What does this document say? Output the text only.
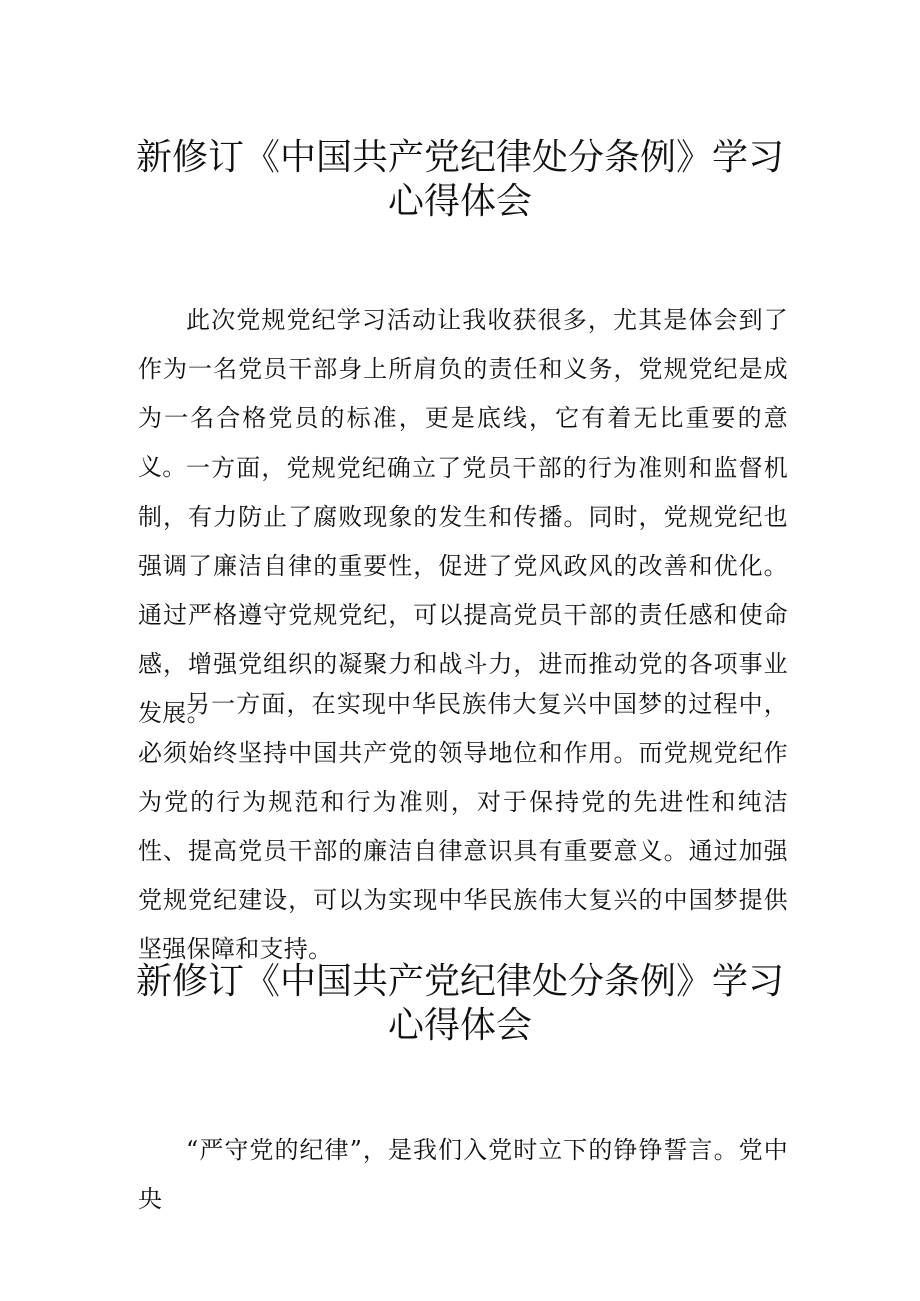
新修订《中国共产党纪律处分条例》学习
心得体会

此次党规党纪学习活动让我收获很多，尤其是体会到了作为一名党员干部身上所肩负的责任和义务，党规党纪是成为一名合格党员的标准，更是底线，它有着无比重要的意义。 一方面，党规党纪确立了党员干部的行为准则和监督机制，有力防止了腐败现象的发生和传播。同时，党规党纪也强调了廉洁自律的重要性，促进了党风政风的改善和优化。通过严格遵守党规党纪，可以提高党员干部的责任感和使命感，增强党组织的凝聚力和战斗力，进而推动党的各项事业发展。

另一方面，在实现中华民族伟大复兴中国梦的过程中，必须始终坚持中国共产党的领导地位和作用。而党规党纪作为党的行为规范和行为准则，对于保持党的先进性和纯洁性、提高党员干部的廉洁自律意识具有重要意义。通过加强党规党纪建设，可以为实现中华民族伟大复兴的中国梦提供坚强保障和支持。

新修订《中国共产党纪律处分条例》学习
心得体会

“严守党的纪律”，是我们入党时立下的铮铮誓言。党中央
